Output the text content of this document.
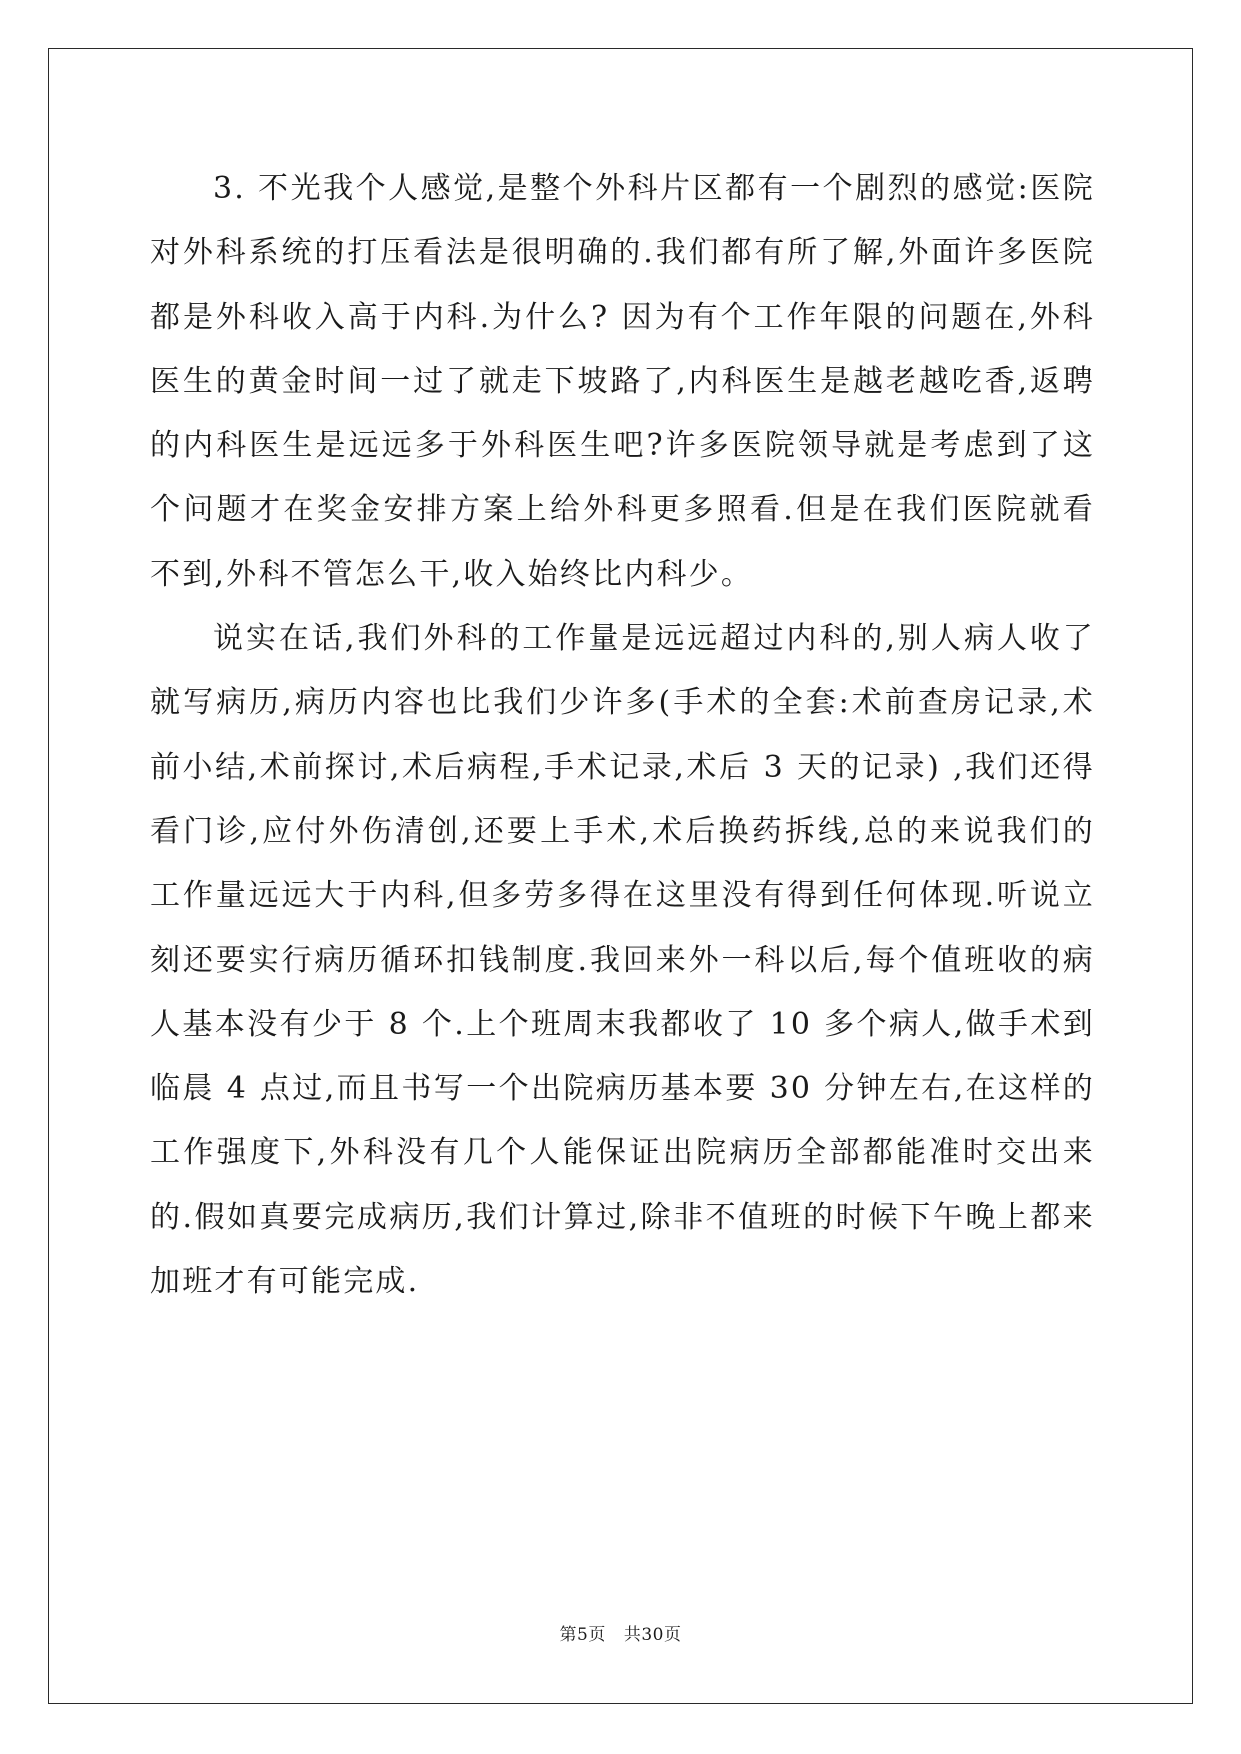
3. 不光我个人感觉,是整个外科片区都有一个剧烈的感觉:医院对外科系统的打压看法是很明确的.我们都有所了解,外面许多医院都是外科收入高于内科.为什么? 因为有个工作年限的问题在,外科医生的黄金时间一过了就走下坡路了,内科医生是越老越吃香,返聘的内科医生是远远多于外科医生吧?许多医院领导就是考虑到了这个问题才在奖金安排方案上给外科更多照看.但是在我们医院就看不到,外科不管怎么干,收入始终比内科少。

说实在话,我们外科的工作量是远远超过内科的,别人病人收了就写病历,病历内容也比我们少许多(手术的全套:术前查房记录,术前小结,术前探讨,术后病程,手术记录,术后 3 天的记录) ,我们还得看门诊,应付外伤清创,还要上手术,术后换药拆线,总的来说我们的工作量远远大于内科,但多劳多得在这里没有得到任何体现.听说立刻还要实行病历循环扣钱制度.我回来外一科以后,每个值班收的病人基本没有少于 8 个.上个班周末我都收了 10 多个病人,做手术到临晨 4 点过,而且书写一个出院病历基本要 30 分钟左右,在这样的工作强度下,外科没有几个人能保证出院病历全部都能准时交出来的.假如真要完成病历,我们计算过,除非不值班的时候下午晚上都来加班才有可能完成.

第5页 共30页
